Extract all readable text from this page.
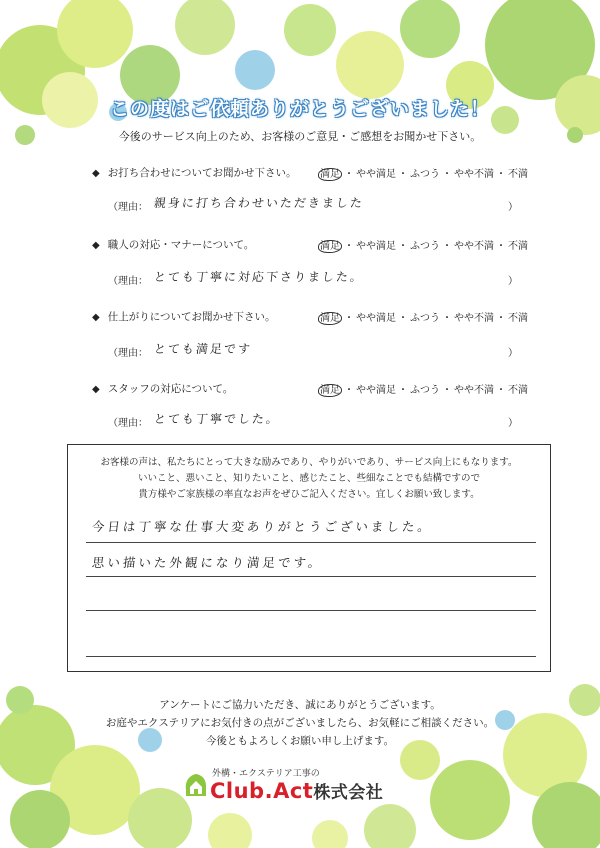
この度はご依頼ありがとうございました！
今後のサービス向上のため、お客様のご意見・ご感想をお聞かせ下さい。
◆ お打ち合わせについてお聞かせ下さい。 満足 ・ やや満足 ・ ふつう ・ やや不満 ・ 不満
（理由： 親身に打ち合わせいただきました	）
◆ 職人の対応・マナーについて。	満足 ・ やや満足 ・ ふつう ・ やや不満 ・ 不満
（理由： とても丁寧に対応下さりました。	）
◆ 仕上がりについてお聞かせ下さい。	満足 ・ やや満足 ・ ふつう ・ やや不満 ・ 不満
（理由： とても満足です	）
◆ スタッフの対応について。	満足 ・ やや満足 ・ ふつう ・ やや不満 ・ 不満
（理由： とても丁寧でした。	）
お客様の声は、私たちにとって大きな励みであり、やりがいであり、サービス向上にもなります。
いいこと、悪いこと、知りたいこと、感じたこと、些細なことでも結構ですので
貴方様やご家族様の率直なお声をぜひご記入ください。宜しくお願い致します。
今日は丁寧な仕事大変ありがとうございました。
思い描いた外観になり満足です。
アンケートにご協力いただき、誠にありがとうございます。
お庭やエクステリアにお気付きの点がございましたら、お気軽にご相談ください。
今後ともよろしくお願い申し上げます。
外構・エクステリア工事の
Club.Act株式会社
